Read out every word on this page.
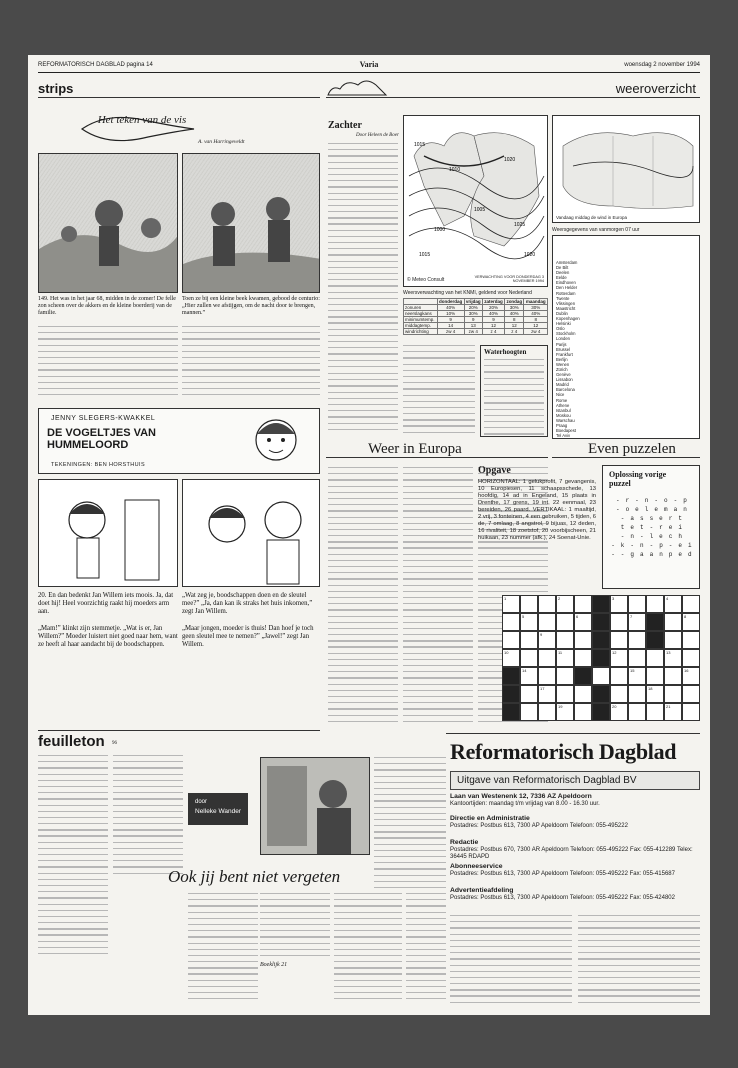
REFORMATORISCH DAGBLAD pagina 14	Varia	woensdag 2 november 1994
strips
Het teken van de vis
A. van Harringeveldt
149. Het was in het jaar 68, midden in de zomer! De felle zon scheen over de akkers en de kleine boerderij van de familie.
Toen ze bij een kleine beek kwamen, gebood de centurio: „Hier zullen we afstijgen, om de nacht door te brengen, mannen.”
JENNY SLEGERS-KWAKKEL
DE VOGELTJES VAN HUMMELOORD
TEKENINGEN: BEN HORSTHUIS
20. En dan bedenkt Jan Willem iets moois. Ja, dat doet hij! Heel voorzichtig raakt hij moeders arm aan.
„Mam!” klinkt zijn stemmetje. „Wat is er, Jan Willem?” Moeder luistert niet goed naar hem, want ze heeft al haar aandacht bij de boodschappen.
„Wat zeg je, boodschappen doen en de sleutel mee?” „Ja, dan kan ik straks het huis inkomen,” zegt Jan Willem.
„Maar jongen, moeder is thuis! Dan hoef je toch geen sleutel mee te nemen?” „Jawel!” zegt Jan Willem.
feuilleton 96
door
Nelleke Wander
Ook jij bent niet vergeten
Boeklijk 21
weeroverzicht
Zachter
Door Heleen de Boer
1015
1010
1020
1005
1000
1025
1020
1015
© Meteo Consult	VERWACHTING VOOR DONDERDAG 3 NOVEMBER 1994
Weersverwachting van het KNMI, geldend voor Nederland
	donderdag	vrijdag	zaterdag	zondag	maandag
zonuren	40%	20%	20%	30%	30%
neerslagkans	10%	30%	40%	40%	40%
minimumtemp.	9	9	9	8	8
middagtemp.	14	13	12	12	12
windrichting	zw 4	zw 4	z 4	z 4	zw 4
Waterhoogten
Vandaag middag de wind in Europa
Weersgegevens van vanmorgen 07 uur
Amsterdam
De Bilt
Deelen
Eelde
Eindhoven
Den Helder
Rotterdam
Twente
Vlissingen
Maastricht
Dublin
Kopenhagen
Helsinki
Oslo
Stockholm
Londen
Parijs
Brussel
Frankfurt
Berlijn
Wenen
Zürich
Genève
Lissabon
Madrid
Barcelona
Nice
Rome
Athene
Istanbul
Moskou
Warschau
Praag
Boedapest
Tel Aviv
Weer in Europa	Even puzzelen
Opgave
HORIZONTAAL: 1 gelukprofit, 7 gevangenis, 10 Europiesen, 11 schaapsschede, 13 hoofdig, 14 ad in Engeland, 15 plaats in Drenthe, 17 grens, 19 int, 22 eenmaal, 23 bereiden, 26 paard. VERTIKAAL: 1 maaltijd, 2 vrij, 3 fonteinen, 4 een gebruiken, 5 tijden, 6 de, 7 omlaag, 8 angstrol, 9 bijuas, 12 deden, 16 rivaliteit, 18 zoetstof, 20 voorbijscheen, 21 huikaan, 23 nummer (afk.), 24 Soenat-Unie.
Oplossing vorige puzzel
- r - n - o - p
- o e l e m a n
- a s s e r t
t e t - r e i
- n - l e c h
- k - n - p - e i
- - g a a n p e d
1	2	3	4
5	6	7	8
9
10	11	12	13
14	15	16
17	18
19	20	21
Reformatorisch Dagblad
Uitgave van Reformatorisch Dagblad BV
Laan van Westenenk 12, 7336 AZ Apeldoorn
Kantoortijden: maandag t/m vrijdag van 8.00 - 16.30 uur.
Directie en Administratie
Postadres: Postbus 613, 7300 AP Apeldoorn Telefoon: 055-495222
Redactie
Postadres: Postbus 670, 7300 AR Apeldoorn Telefoon: 055-495222 Fax: 055-412289 Telex: 36445 RDAPD
Abonneeservice
Postadres: Postbus 613, 7300 AP Apeldoorn Telefoon: 055-495222 Fax: 055-415687
Advertentieafdeling
Postadres: Postbus 613, 7300 AP Apeldoorn Telefoon: 055-495222 Fax: 055-424802
